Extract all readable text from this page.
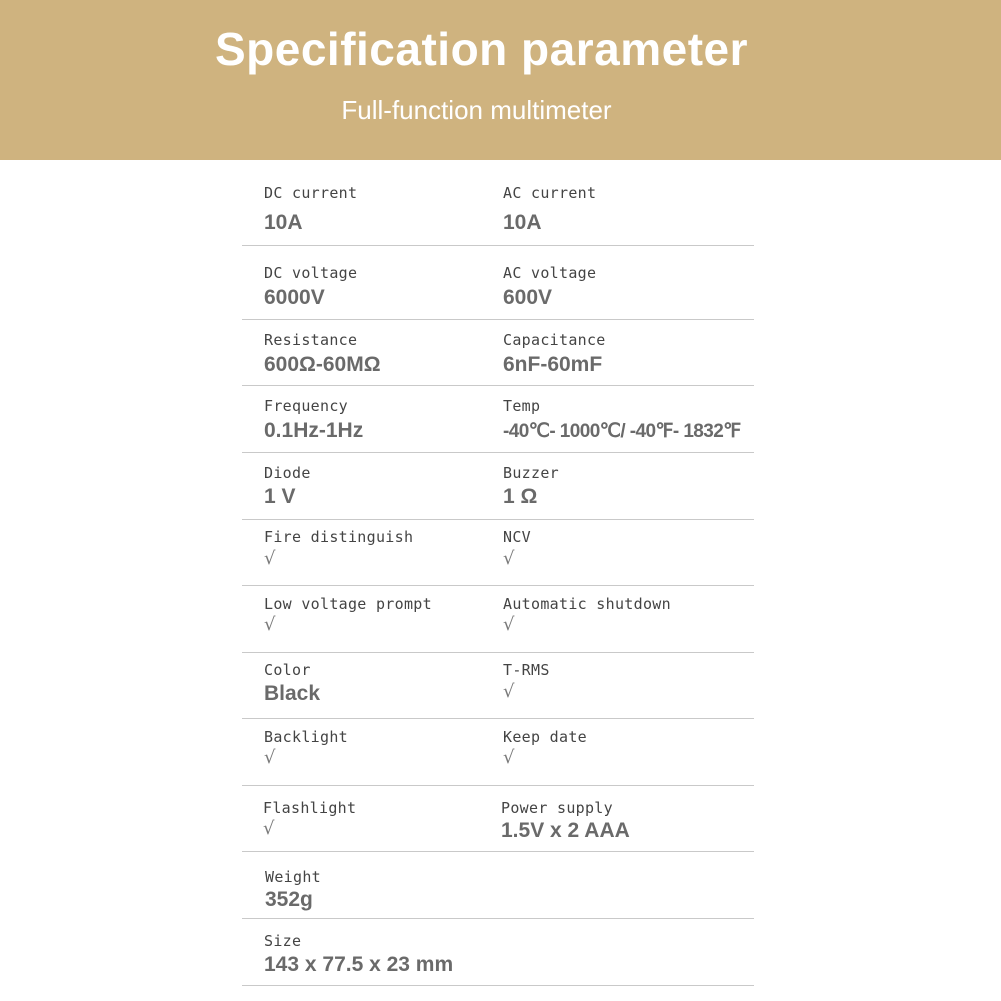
Specification parameter
Full-function multimeter
DC current
10A
AC current
10A
DC voltage
6000V
AC voltage
600V
Resistance
600Ω-60MΩ
Capacitance
6nF-60mF
Frequency
0.1Hz-1Hz
Temp
-40℃- 1000℃/ -40℉- 1832℉
Diode
1 V
Buzzer
1 Ω
Fire distinguish
√
NCV
√
Low voltage prompt
√
Automatic shutdown
√
Color
Black
T-RMS
√
Backlight
√
Keep date
√
Flashlight
√
Power supply
1.5V x 2 AAA
Weight
352g
Size
143 x 77.5 x 23 mm
